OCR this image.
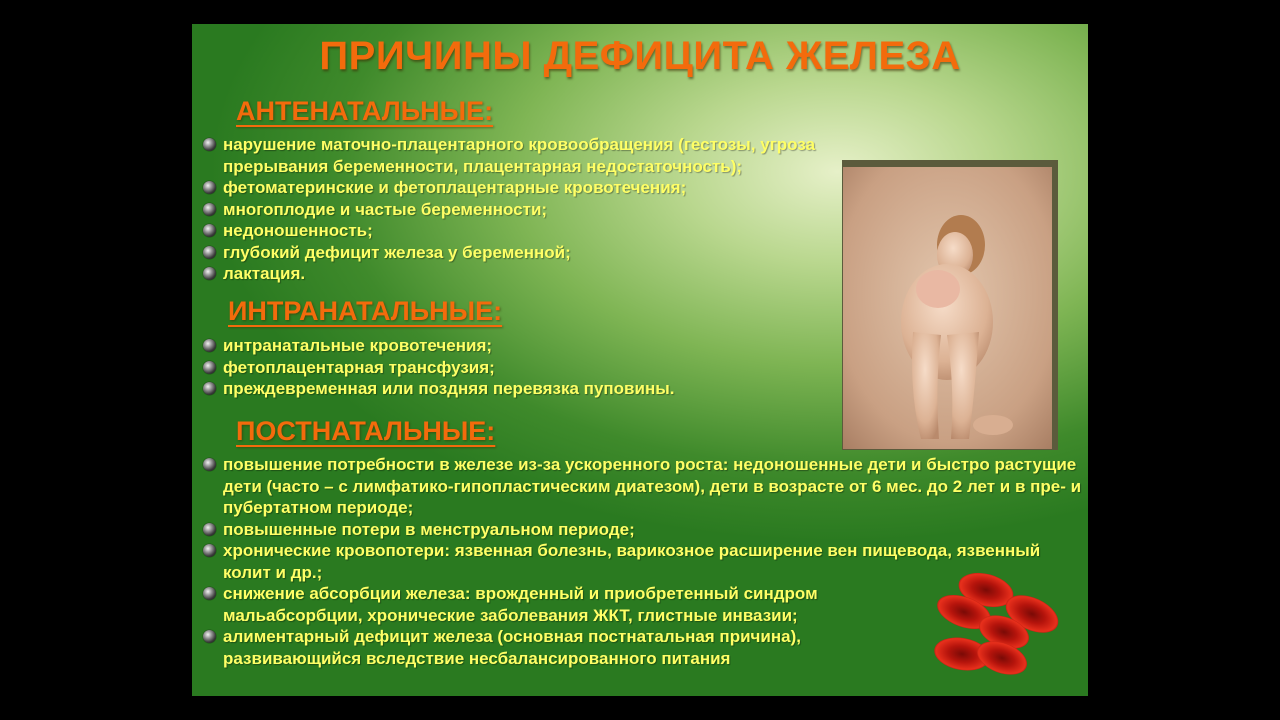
ПРИЧИНЫ ДЕФИЦИТА ЖЕЛЕЗА
АНТЕНАТАЛЬНЫЕ:
нарушение маточно-плацентарного кровообращения (гестозы, угроза прерывания беременности, плацентарная недостаточность);
фетоматеринские и фетоплацентарные кровотечения;
многоплодие и частые беременности;
недоношенность;
глубокий дефицит железа у беременной;
лактация.
ИНТРАНАТАЛЬНЫЕ:
интранатальные кровотечения;
фетоплацентарная трансфузия;
преждевременная или поздняя перевязка пуповины.
ПОСТНАТАЛЬНЫЕ:
повышение потребности в железе из-за ускоренного роста: недоношенные дети и быстро растущие дети (часто – с лимфатико-гипопластическим диатезом), дети в возрасте от 6 мес. до 2 лет и в пре- и пубертатном периоде;
повышенные потери в менструальном периоде;
хронические кровопотери: язвенная болезнь, варикозное расширение вен пищевода, язвенный колит и др.;
снижение абсорбции железа: врожденный и приобретенный синдром мальабсорбции, хронические заболевания ЖКТ, глистные инвазии;
алиментарный дефицит железа (основная постнатальная причина), развивающийся вследствие несбалансированного питания
